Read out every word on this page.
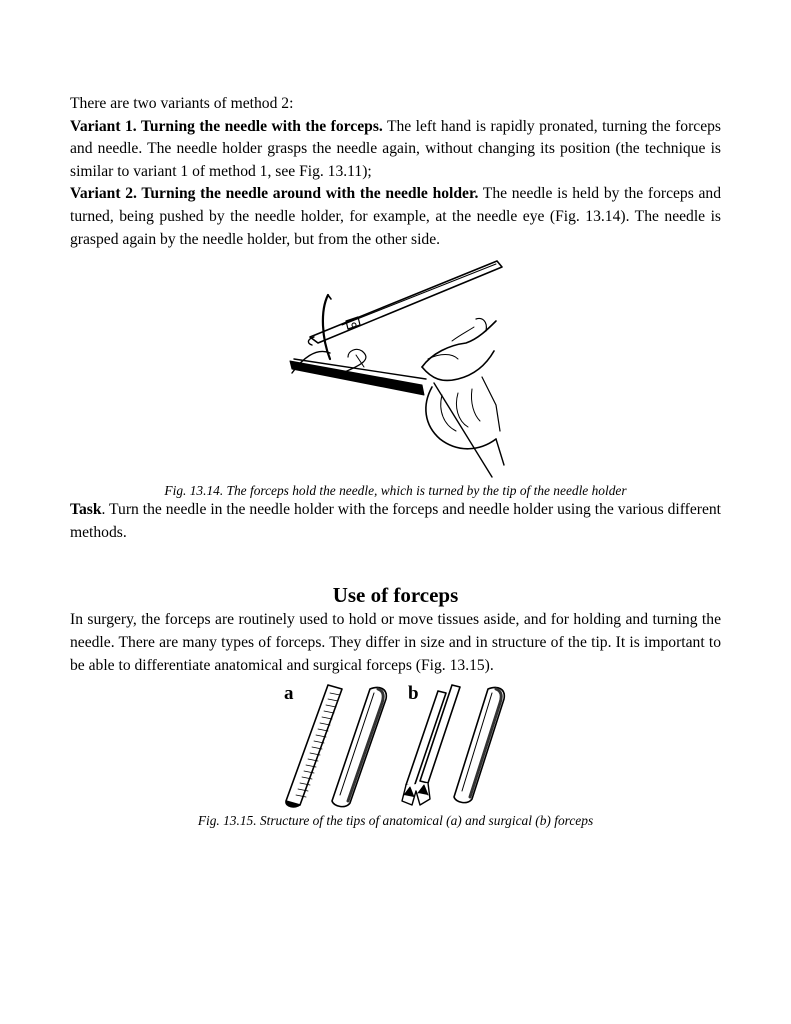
There are two variants of method 2:

Variant 1. Turning the needle with the forceps. The left hand is rapidly pronated, turning the forceps and needle. The needle holder grasps the needle again, without changing its position (the technique is similar to variant 1 of method 1, see Fig. 13.11);

Variant 2. Turning the needle around with the needle holder. The needle is held by the forceps and turned, being pushed by the needle holder, for example, at the needle eye (Fig. 13.14). The needle is grasped again by the needle holder, but from the other side.

Fig. 13.14. The forceps hold the needle, which is turned by the tip of the needle holder

Task. Turn the needle in the needle holder with the forceps and needle holder using the various different methods.

Use of forceps

In surgery, the forceps are routinely used to hold or move tissues aside, and for holding and turning the needle. There are many types of forceps. They differ in size and in structure of the tip. It is important to be able to differentiate anatomical and surgical forceps (Fig. 13.15).

a	b

Fig. 13.15. Structure of the tips of anatomical (a) and surgical (b) forceps
